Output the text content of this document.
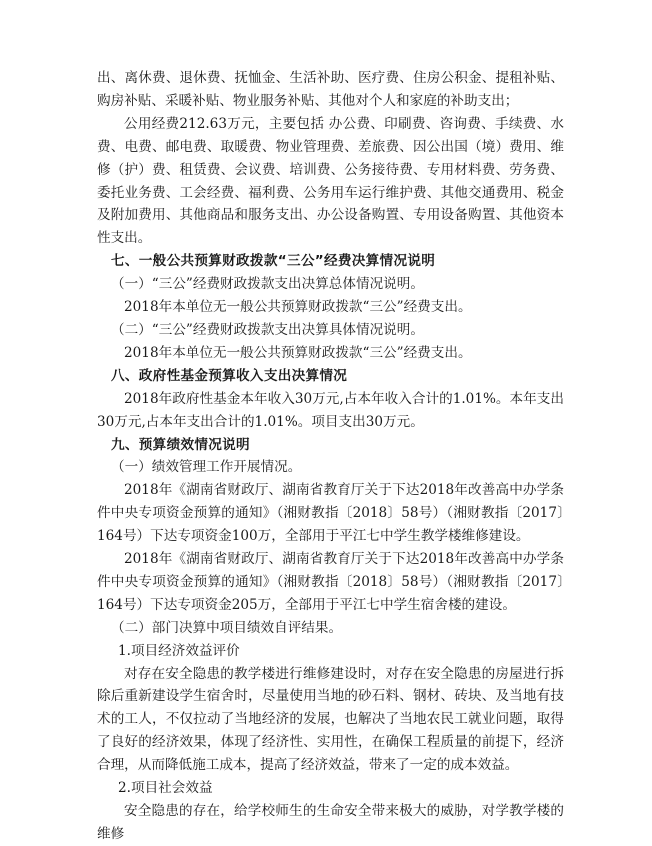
出、离休费、退休费、抚恤金、生活补助、医疗费、住房公积金、提租补贴、购房补贴、采暖补贴、物业服务补贴、其他对个人和家庭的补助支出；

公用经费212.63万元，主要包括 办公费、印刷费、咨询费、手续费、水费、电费、邮电费、取暖费、物业管理费、差旅费、因公出国（境）费用、维修（护）费、租赁费、会议费、培训费、公务接待费、专用材料费、劳务费、委托业务费、工会经费、福利费、公务用车运行维护费、其他交通费用、税金及附加费用、其他商品和服务支出、办公设备购置、专用设备购置、其他资本性支出。

七、一般公共预算财政拨款“三公”经费决算情况说明

（一）“三公”经费财政拨款支出决算总体情况说明。

2018年本单位无一般公共预算财政拨款“三公”经费支出。

（二）“三公”经费财政拨款支出决算具体情况说明。

2018年本单位无一般公共预算财政拨款“三公”经费支出。

八、政府性基金预算收入支出决算情况

2018年政府性基金本年收入30万元,占本年收入合计的1.01%。本年支出30万元,占本年支出合计的1.01%。项目支出30万元。

九、预算绩效情况说明

（一）绩效管理工作开展情况。

2018年《湖南省财政厅、湖南省教育厅关于下达2018年改善高中办学条件中央专项资金预算的通知》（湘财教指〔2018〕58号）（湘财教指〔2017〕164号）下达专项资金100万，全部用于平江七中学生教学楼维修建设。

2018年《湖南省财政厅、湖南省教育厅关于下达2018年改善高中办学条件中央专项资金预算的通知》（湘财教指〔2018〕58号）（湘财教指〔2017〕164号）下达专项资金205万，全部用于平江七中学生宿舍楼的建设。

（二）部门决算中项目绩效自评结果。

1.项目经济效益评价

对存在安全隐患的教学楼进行维修建设时，对存在安全隐患的房屋进行拆除后重新建设学生宿舍时，尽量使用当地的砂石料、钢材、砖块、及当地有技术的工人，不仅拉动了当地经济的发展，也解决了当地农民工就业问题，取得了良好的经济效果，体现了经济性、实用性，在确保工程质量的前提下，经济合理，从而降低施工成本，提高了经济效益，带来了一定的成本效益。

2.项目社会效益

安全隐患的存在，给学校师生的生命安全带来极大的威胁，对学教学楼的维修
